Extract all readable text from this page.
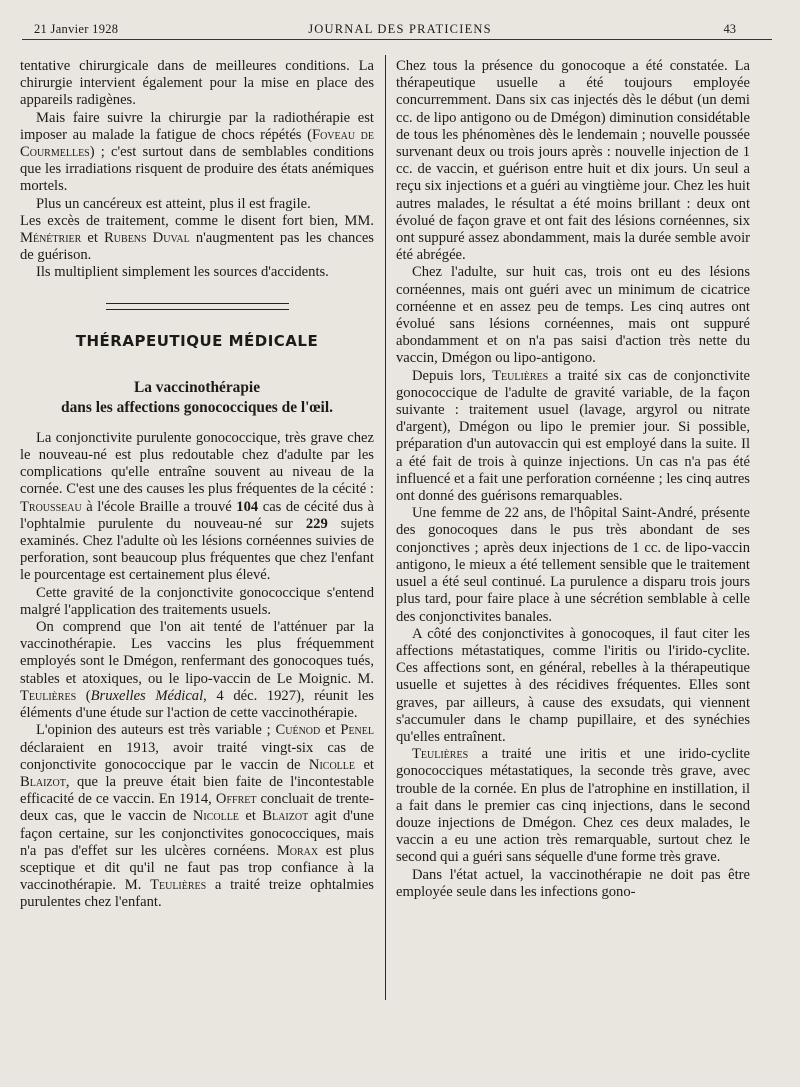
21 Janvier 1928	JOURNAL DES PRATICIENS	43

tentative chirurgicale dans de meilleures conditions. La chirurgie intervient également pour la mise en place des appareils radigènes.

Mais faire suivre la chirurgie par la radiothérapie est imposer au malade la fatigue de chocs répétés (Foveau de Courmelles) ; c'est surtout dans de semblables conditions que les irradiations risquent de produire des états anémiques mortels.

Plus un cancéreux est atteint, plus il est fragile.

Les excès de traitement, comme le disent fort bien, MM. Ménétrier et Rubens Duval n'augmentent pas les chances de guérison.

Ils multiplient simplement les sources d'accidents.

THÉRAPEUTIQUE MÉDICALE
La vaccinothérapie
dans les affections gonococciques de l'œil.

La conjonctivite purulente gonococcique, très grave chez le nouveau-né est plus redoutable chez d'adulte par les complications qu'elle entraîne souvent au niveau de la cornée. C'est une des causes les plus fréquentes de la cécité : Trousseau à l'école Braille a trouvé 104 cas de cécité dus à l'ophtalmie purulente du nouveau-né sur 229 sujets examinés. Chez l'adulte où les lésions cornéennes suivies de perforation, sont beaucoup plus fréquentes que chez l'enfant le pourcentage est certainement plus élevé.

Cette gravité de la conjonctivite gonococcique s'entend malgré l'application des traitements usuels.

On comprend que l'on ait tenté de l'atténuer par la vaccinothérapie. Les vaccins les plus fréquemment employés sont le Dmégon, renfermant des gonocoques tués, stables et atoxiques, ou le lipo-vaccin de Le Moignic. M. Teulières (Bruxelles Médical, 4 déc. 1927), réunit les éléments d'une étude sur l'action de cette vaccinothérapie.

L'opinion des auteurs est très variable ; Cuénod et Penel déclaraient en 1913, avoir traité vingt-six cas de conjonctivite gonococcique par le vaccin de Nicolle et Blaizot, que la preuve était bien faite de l'incontestable efficacité de ce vaccin. En 1914, Offret concluait de trente-deux cas, que le vaccin de Nicolle et Blaizot agit d'une façon certaine, sur les conjonctivites gonococciques, mais n'a pas d'effet sur les ulcères cornéens. Morax est plus sceptique et dit qu'il ne faut pas trop confiance à la vaccinothérapie. M. Teulières a traité treize ophtalmies purulentes chez l'enfant.

Chez tous la présence du gonocoque a été constatée. La thérapeutique usuelle a été toujours employée concurremment. Dans six cas injectés dès le début (un demi cc. de lipo antigono ou de Dmégon) diminution considétable de tous les phénomènes dès le lendemain ; nouvelle poussée survenant deux ou trois jours après : nouvelle injection de 1 cc. de vaccin, et guérison entre huit et dix jours. Un seul a reçu six injections et a guéri au vingtième jour. Chez les huit autres malades, le résultat a été moins brillant : deux ont évolué de façon grave et ont fait des lésions cornéennes, six ont suppuré assez abondamment, mais la durée semble avoir été abrégée.

Chez l'adulte, sur huit cas, trois ont eu des lésions cornéennes, mais ont guéri avec un minimum de cicatrice cornéenne et en assez peu de temps. Les cinq autres ont évolué sans lésions cornéennes, mais ont suppuré abondamment et on n'a pas saisi d'action très nette du vaccin, Dmégon ou lipo-antigono.

Depuis lors, Teulières a traité six cas de conjonctivite gonococcique de l'adulte de gravité variable, de la façon suivante : traitement usuel (lavage, argyrol ou nitrate d'argent), Dmégon ou lipo le premier jour. Si possible, préparation d'un autovaccin qui est employé dans la suite. Il a été fait de trois à quinze injections. Un cas n'a pas été influencé et a fait une perforation cornéenne ; les cinq autres ont donné des guérisons remarquables.

Une femme de 22 ans, de l'hôpital Saint-André, présente des gonocoques dans le pus très abondant de ses conjonctives ; après deux injections de 1 cc. de lipo-vaccin antigono, le mieux a été tellement sensible que le traitement usuel a été seul continué. La purulence a disparu trois jours plus tard, pour faire place à une sécrétion semblable à celle des conjonctivites banales.

A côté des conjonctivites à gonocoques, il faut citer les affections métastatiques, comme l'iritis ou l'irido-cyclite. Ces affections sont, en général, rebelles à la thérapeutique usuelle et sujettes à des récidives fréquentes. Elles sont graves, par ailleurs, à cause des exsudats, qui viennent s'accumuler dans le champ pupillaire, et des synéchies qu'elles entraînent.

Teulières a traité une iritis et une irido-cyclite gonococciques métastatiques, la seconde très grave, avec trouble de la cornée. En plus de l'atrophine en instillation, il a fait dans le premier cas cinq injections, dans le second douze injections de Dmégon. Chez ces deux malades, le vaccin a eu une action très remarquable, surtout chez le second qui a guéri sans séquelle d'une forme très grave.

Dans l'état actuel, la vaccinothérapie ne doit pas être employée seule dans les infections gono-
